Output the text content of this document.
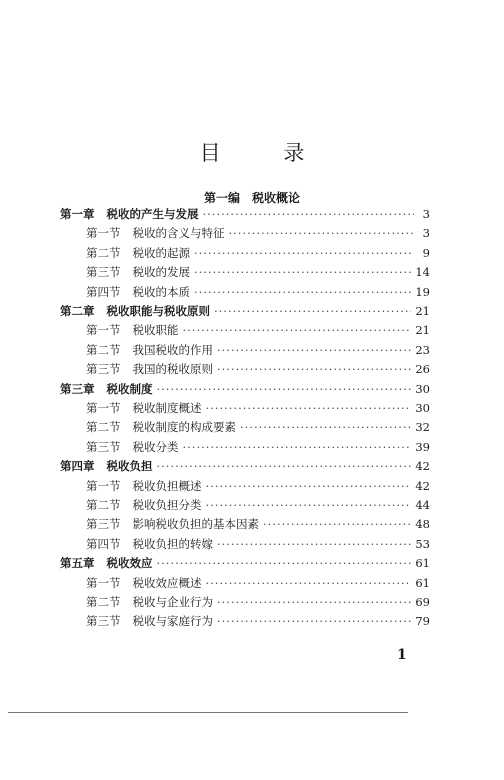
目 录
第一编　税收概论
第一章 税收的产生与发展 ·····	3
第一节 税收的含义与特征 ·····	3
第二节 税收的起源 ·····	9
第三节 税收的发展 ·····	14
第四节 税收的本质 ·····	19
第二章 税收职能与税收原则 ·····	21
第一节 税收职能 ·····	21
第二节 我国税收的作用 ·····	23
第三节 我国的税收原则 ·····	26
第三章 税收制度 ·····	30
第一节 税收制度概述 ·····	30
第二节 税收制度的构成要素 ·····	32
第三节 税收分类 ·····	39
第四章 税收负担 ·····	42
第一节 税收负担概述 ·····	42
第二节 税收负担分类 ·····	44
第三节 影响税收负担的基本因素 ·····	48
第四节 税收负担的转嫁 ·····	53
第五章 税收效应 ·····	61
第一节 税收效应概述 ·····	61
第二节 税收与企业行为 ·····	69
第三节 税收与家庭行为 ·····	79
1
